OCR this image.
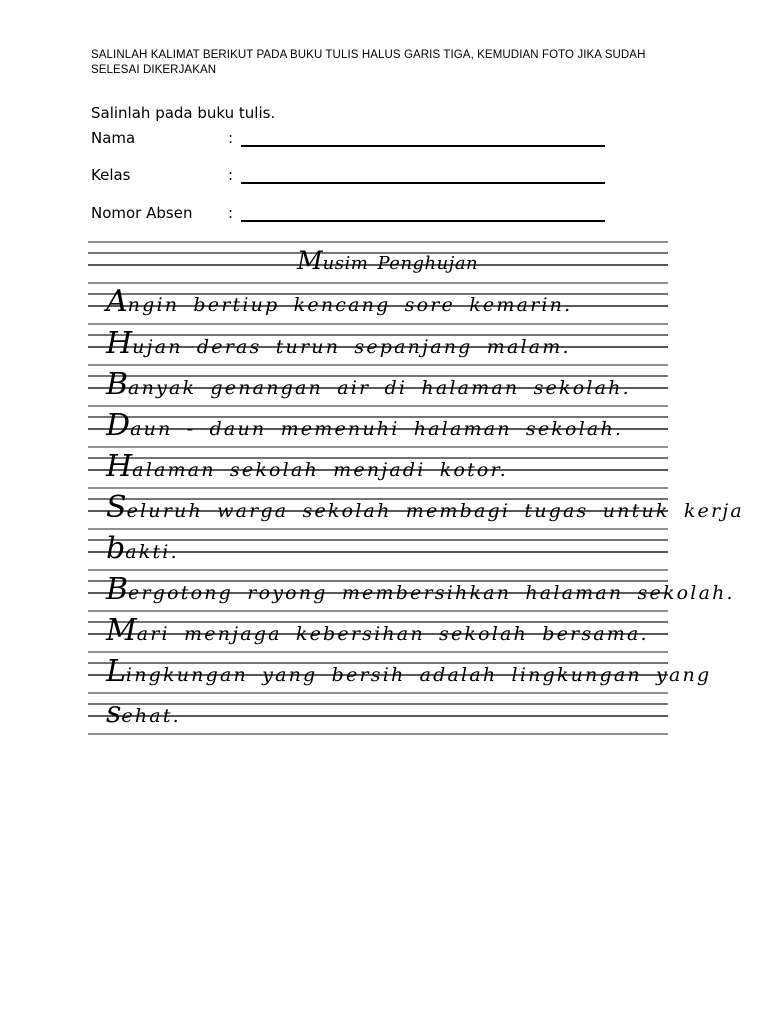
SALINLAH KALIMAT BERIKUT PADA BUKU TULIS HALUS GARIS TIGA, KEMUDIAN FOTO JIKA SUDAH SELESAI DIKERJAKAN
Salinlah pada buku tulis.
Nama	:
Kelas	:
Nomor Absen :
Musim Penghujan
Angin bertiup kencang sore kemarin.
Hujan deras turun sepanjang malam.
Banyak genangan air di halaman sekolah.
Daun - daun memenuhi halaman sekolah.
Halaman sekolah menjadi kotor.
Seluruh warga sekolah membagi tugas untuk kerja
bakti.
Bergotong royong membersihkan halaman sekolah.
Mari menjaga kebersihan sekolah bersama.
Lingkungan yang bersih adalah lingkungan yang
sehat.
